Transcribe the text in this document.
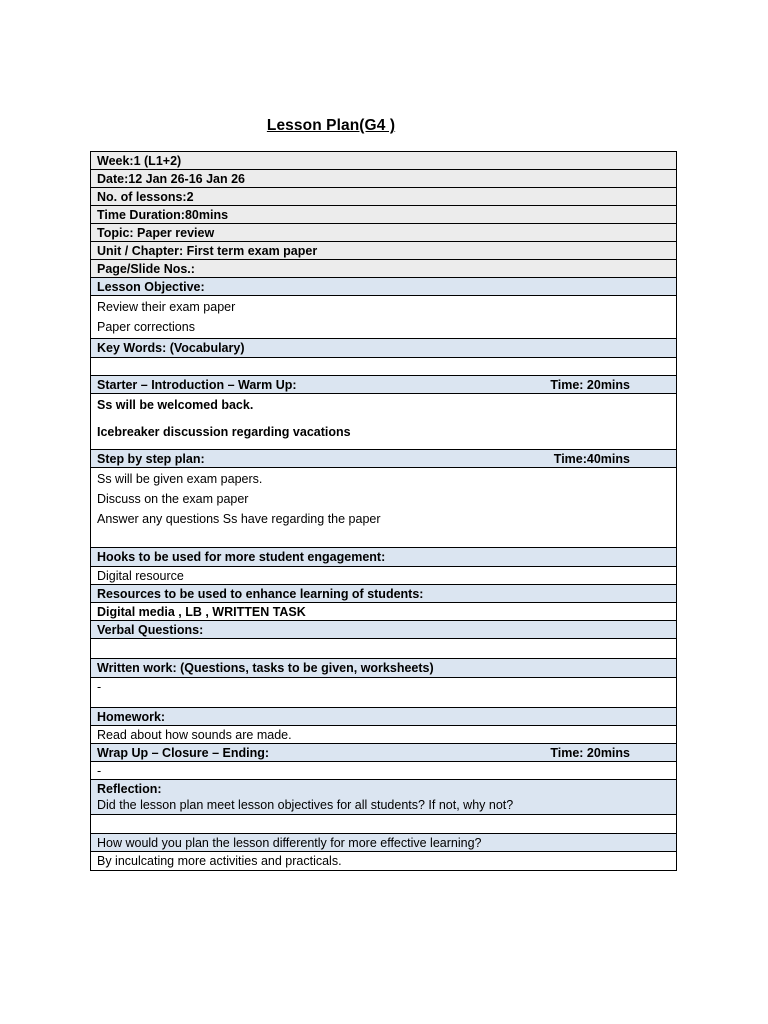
Lesson Plan(G4 )
Week:1 (L1+2)
Date:12 Jan 26-16 Jan 26
No. of lessons:2
Time Duration:80mins
Topic: Paper review
Unit / Chapter: First term exam paper
Page/Slide Nos.:
Lesson Objective:
Review their exam paper
Paper corrections
Key Words: (Vocabulary)
Starter – Introduction – Warm Up:	Time: 20mins
Ss will be welcomed back.
Icebreaker discussion regarding vacations
Step by step plan:	Time:40mins
Ss will be given exam papers.
Discuss on the exam paper
Answer any questions Ss have regarding the paper
Hooks to be used for more student engagement:
Digital resource
Resources to be used to enhance learning of students:
Digital media , LB , WRITTEN TASK
Verbal Questions:
Written work: (Questions, tasks to be given, worksheets)
-
Homework:
Read about how sounds are made.
Wrap Up – Closure – Ending:	Time: 20mins
-
Reflection:
Did the lesson plan meet lesson objectives for all students? If not, why not?
How would you plan the lesson differently for more effective learning?
By inculcating more activities and practicals.
